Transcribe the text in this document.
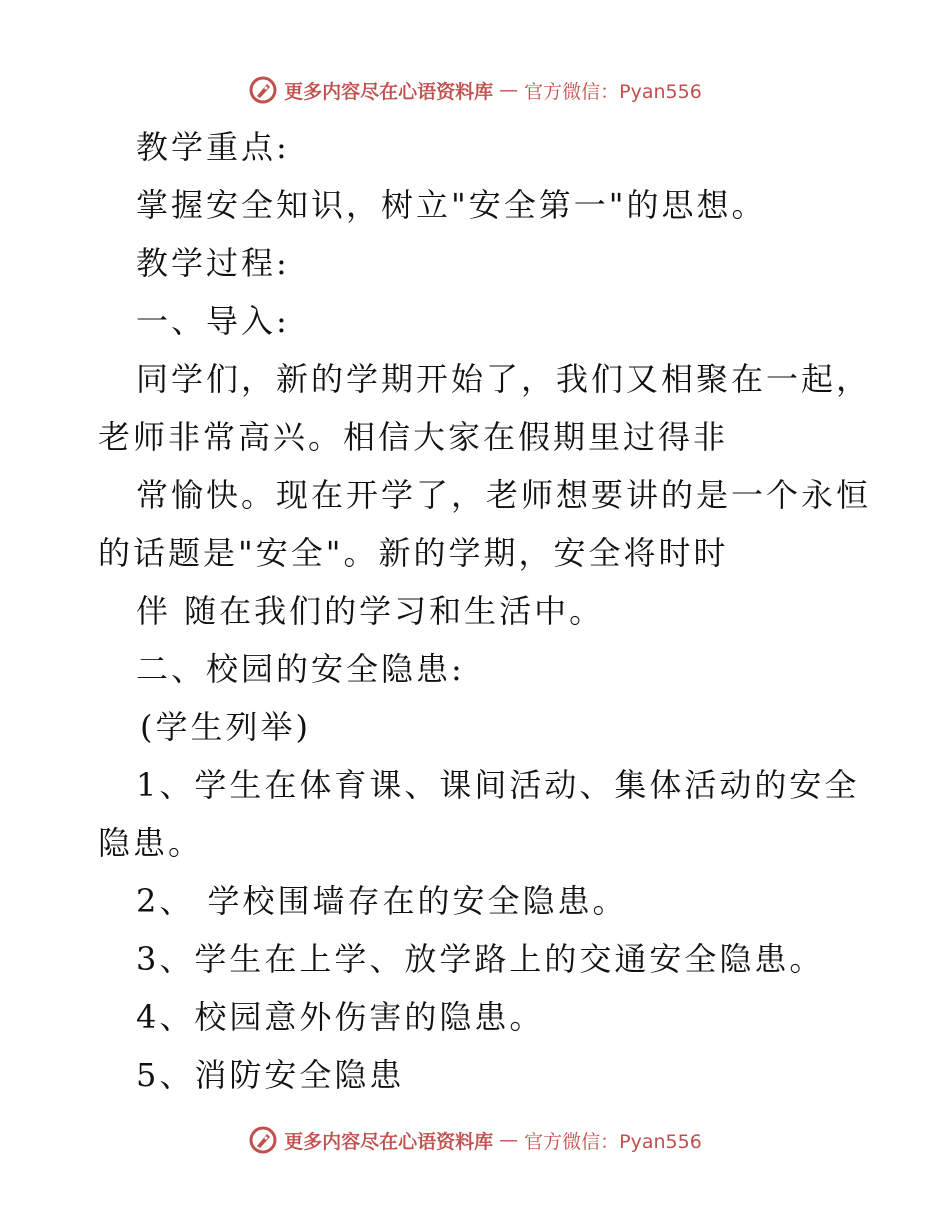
更多内容尽在心语资料库 — 官方微信：Pyan556
教学重点:
掌握安全知识，树立"安全第一"的思想。
教学过程:
一、导入:
同学们，新的学期开始了，我们又相聚在一起，
老师非常高兴。相信大家在假期里过得非
常愉快。现在开学了，老师想要讲的是一个永恒
的话题是"安全"。新的学期，安全将时时
伴 随在我们的学习和生活中。
二、校园的安全隐患:
(学生列举)
1、学生在体育课、课间活动、集体活动的安全
隐患。
2、 学校围墙存在的安全隐患。
3、学生在上学、放学路上的交通安全隐患。
4、校园意外伤害的隐患。
5、消防安全隐患
更多内容尽在心语资料库 — 官方微信：Pyan556
